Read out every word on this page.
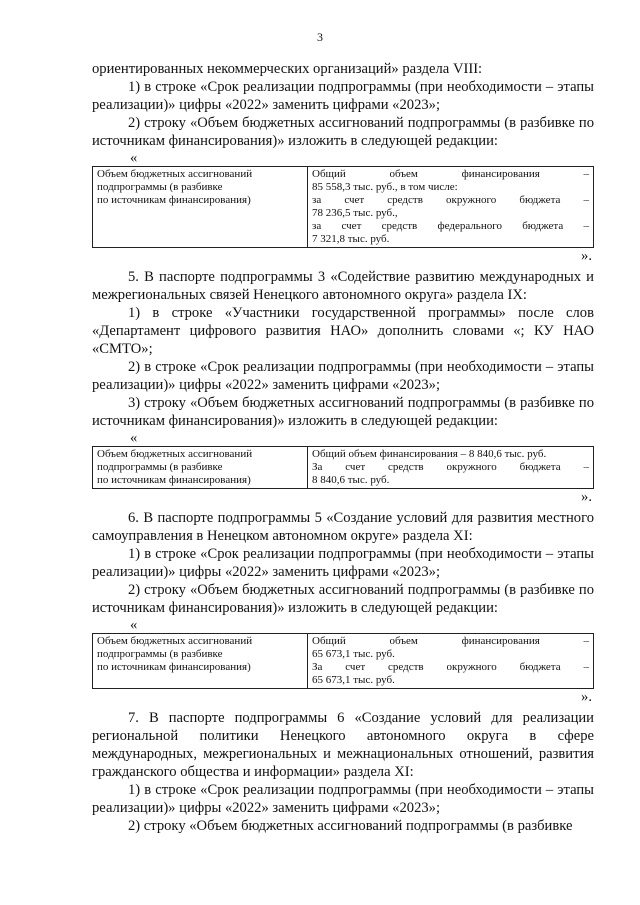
3

ориентированных некоммерческих организаций» раздела VIII:

1) в строке «Срок реализации подпрограммы (при необходимости – этапы реализации)» цифры «2022» заменить цифрами «2023»;

2) строку «Объем бюджетных ассигнований подпрограммы (в разбивке по источникам финансирования)» изложить в следующей редакции:

«
Объем бюджетных ассигнований
подпрограммы (в разбивке
по источникам финансирования)

Общий объем финансирования –
85 558,3 тыс. руб., в том числе:
за счет средств окружного бюджета –
78 236,5 тыс. руб.,
за счет средств федерального бюджета –
7 321,8 тыс. руб.
».

5. В паспорте подпрограммы 3 «Содействие развитию международных и межрегиональных связей Ненецкого автономного округа» раздела IX:

1) в строке «Участники государственной программы» после слов «Департамент цифрового развития НАО» дополнить словами «; КУ НАО «СМТО»;

2) в строке «Срок реализации подпрограммы (при необходимости – этапы реализации)» цифры «2022» заменить цифрами «2023»;

3) строку «Объем бюджетных ассигнований подпрограммы (в разбивке по источникам финансирования)» изложить в следующей редакции:

«
Объем бюджетных ассигнований
подпрограммы (в разбивке
по источникам финансирования)

Общий объем финансирования – 8 840,6 тыс. руб.
За счет средств окружного бюджета –
8 840,6 тыс. руб.
».

6. В паспорте подпрограммы 5 «Создание условий для развития местного самоуправления в Ненецком автономном округе» раздела XI:

1) в строке «Срок реализации подпрограммы (при необходимости – этапы реализации)» цифры «2022» заменить цифрами «2023»;

2) строку «Объем бюджетных ассигнований подпрограммы (в разбивке по источникам финансирования)» изложить в следующей редакции:

«
Объем бюджетных ассигнований
подпрограммы (в разбивке
по источникам финансирования)

Общий объем финансирования –
65 673,1 тыс. руб.
За счет средств окружного бюджета –
65 673,1 тыс. руб.
».

7. В паспорте подпрограммы 6 «Создание условий для реализации региональной политики Ненецкого автономного округа в сфере международных, межрегиональных и межнациональных отношений, развития гражданского общества и информации» раздела XI:

1) в строке «Срок реализации подпрограммы (при необходимости – этапы реализации)» цифры «2022» заменить цифрами «2023»;

2) строку «Объем бюджетных ассигнований подпрограммы (в разбивке
